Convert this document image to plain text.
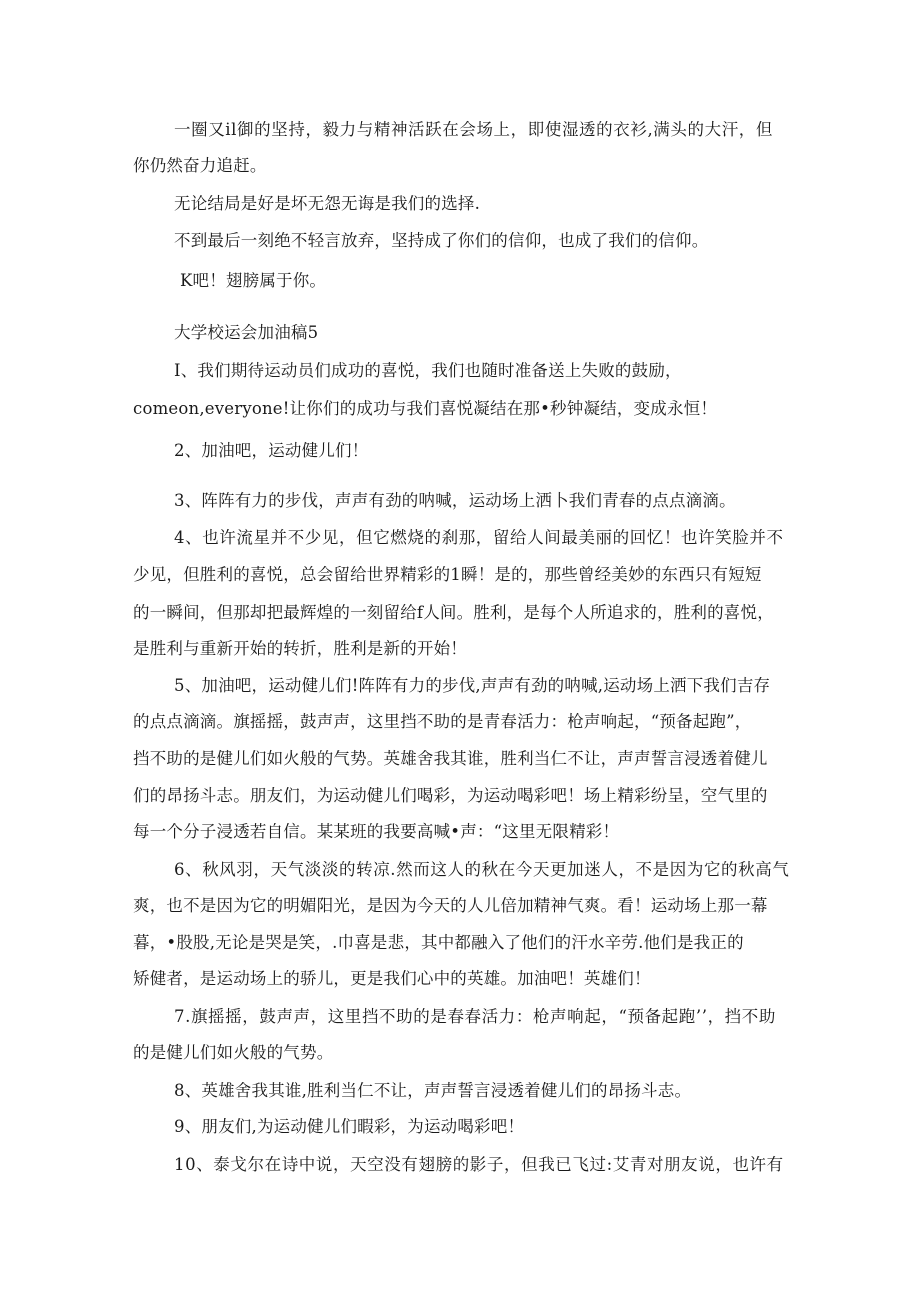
一圈又il御的坚持，毅力与精神活跃在会场上，即使湿透的衣衫,满头的大汗，但
你仍然奋力追赶。
无论结局是好是坏无怨无诲是我们的选择.
不到最后一刻绝不轻言放弃，坚持成了你们的信仰，也成了我们的信仰。
K吧！翅膀属于你。
大学校运会加油稿5
I、我们期待运动员们成功的喜悦，我们也随时准备送上失败的鼓励，
comeon,everyone!让你们的成功与我们喜悦凝结在那•秒钟凝结，变成永恒！
2、加油吧，运动健儿们！
3、阵阵有力的步伐，声声有劲的呐喊，运动场上洒卜我们青春的点点滴滴。
4、也许流星并不少见，但它燃烧的刹那，留给人间最美丽的回忆！也许笑脸并不
少见，但胜利的喜悦，总会留给世界精彩的1瞬！是的，那些曾经美妙的东西只有短短
的一瞬间，但那却把最辉煌的一刻留给f人间。胜利，是每个人所追求的，胜利的喜悦，
是胜利与重新开始的转折，胜利是新的开始！
5、加油吧，运动健儿们!阵阵有力的步伐,声声有劲的呐喊,运动场上洒下我们吉存
的点点滴滴。旗摇摇，鼓声声，这里挡不助的是青春活力：枪声响起，“预备起跑”，
挡不助的是健儿们如火般的气势。英雄舍我其谁，胜利当仁不让，声声誓言浸透着健儿
们的昂扬斗志。朋友们，为运动健儿们喝彩，为运动喝彩吧！场上精彩纷呈，空气里的
每一个分子浸透若自信。某某班的我要高喊•声：“这里无限精彩！
6、秋风羽，天气淡淡的转凉.然而这人的秋在今天更加迷人，不是因为它的秋高气
爽，也不是因为它的明媚阳光，是因为今天的人儿倍加精神气爽。看！运动场上那一幕
暮，•股股,无论是哭是笑，.巾喜是悲，其中都融入了他们的汗水辛劳.他们是我正的
矫健者，是运动场上的骄儿，更是我们心中的英雄。加油吧！英雄们！
7.旗摇摇，鼓声声，这里挡不助的是春春活力：枪声响起，“预备起跑’’，挡不助
的是健儿们如火般的气势。
8、英雄舍我其谁,胜利当仁不让，声声誓言浸透着健儿们的昂扬斗志。
9、朋友们,为运动健儿们暇彩，为运动喝彩吧！
10、泰戈尔在诗中说，天空没有翅膀的影子，但我已飞过:艾青对朋友说，也许有
